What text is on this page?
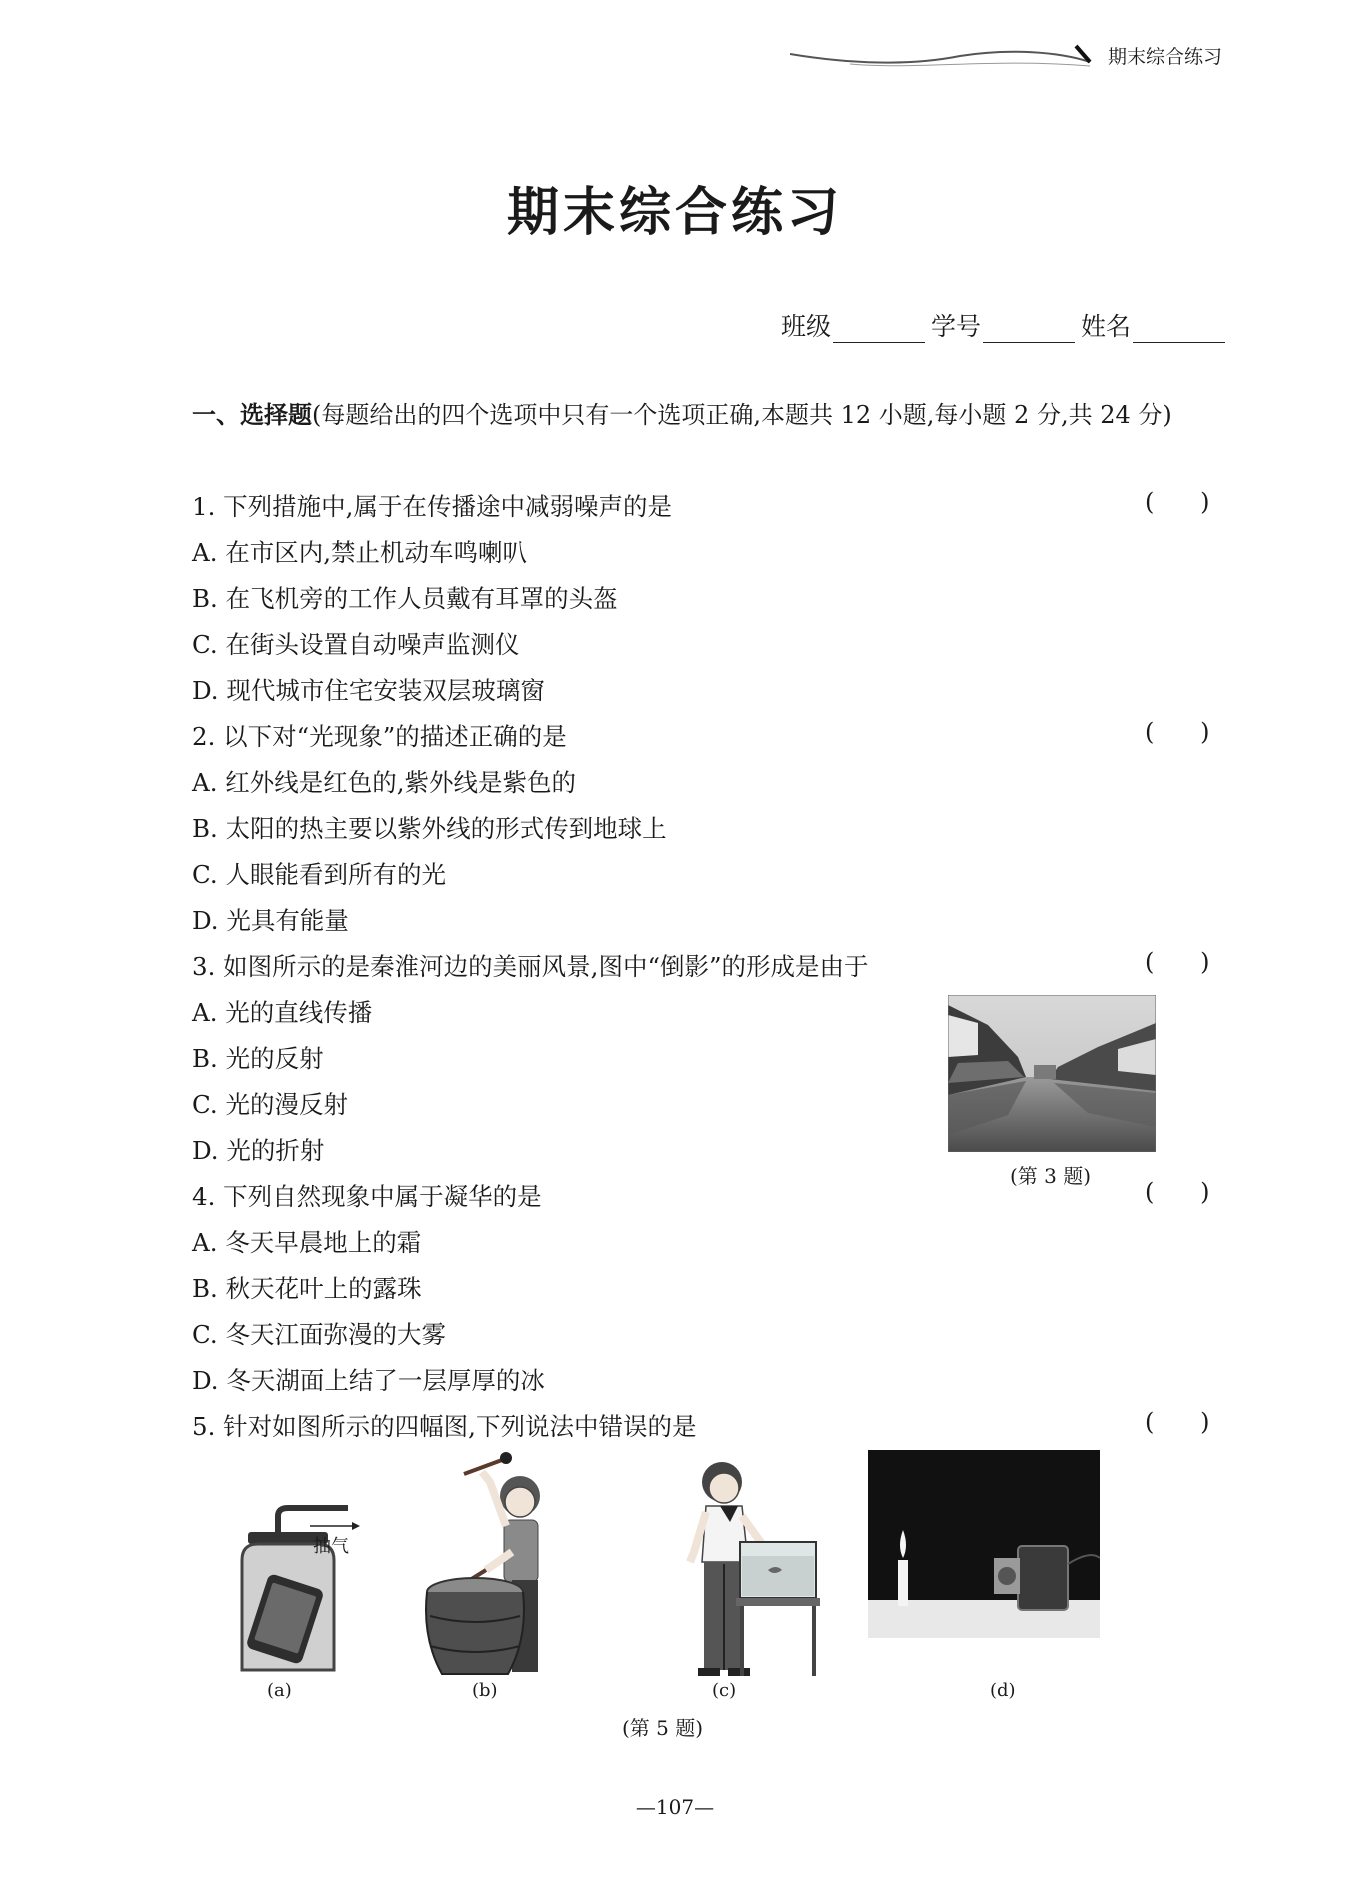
期末综合练习
期末综合练习
班级	学号	姓名
一、选择题(每题给出的四个选项中只有一个选项正确,本题共 12 小题,每小题 2 分,共 24 分)
1. 下列措施中,属于在传播途中减弱噪声的是	(      )
A. 在市区内,禁止机动车鸣喇叭
B. 在飞机旁的工作人员戴有耳罩的头盔
C. 在街头设置自动噪声监测仪
D. 现代城市住宅安装双层玻璃窗
2. 以下对“光现象”的描述正确的是	(      )
A. 红外线是红色的,紫外线是紫色的
B. 太阳的热主要以紫外线的形式传到地球上
C. 人眼能看到所有的光
D. 光具有能量
3. 如图所示的是秦淮河边的美丽风景,图中“倒影”的形成是由于	(      )
A. 光的直线传播
B. 光的反射
C. 光的漫反射
D. 光的折射
(第 3 题)
4. 下列自然现象中属于凝华的是	(      )
A. 冬天早晨地上的霜
B. 秋天花叶上的露珠
C. 冬天江面弥漫的大雾
D. 冬天湖面上结了一层厚厚的冰
5. 针对如图所示的四幅图,下列说法中错误的是	(      )
抽气
(a)	(b)	(c)	(d)
(第 5 题)
—107—
